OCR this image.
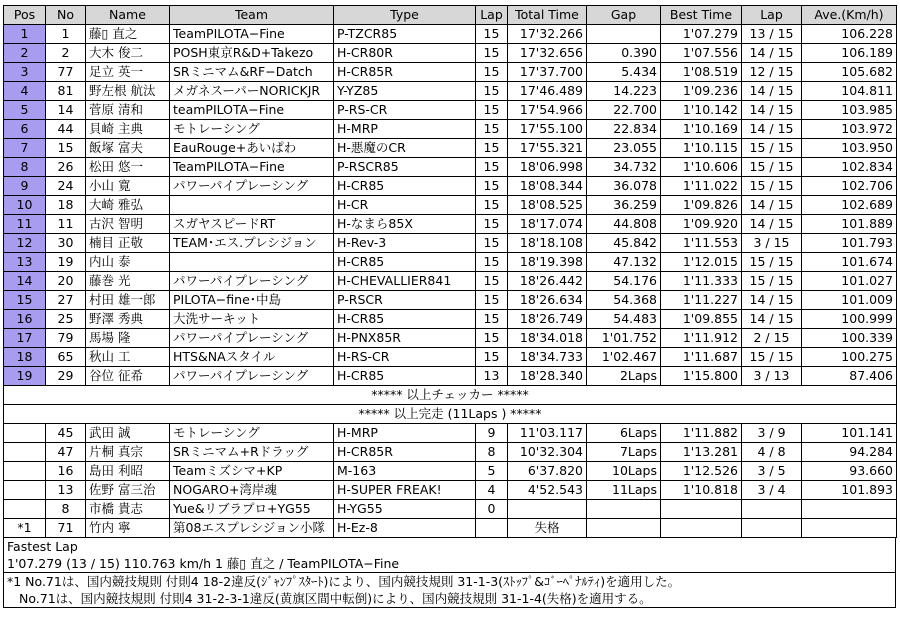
Pos	No	Name	Team	Type	Lap	Total Time	Gap	Best Time	Lap	Ave.(Km/h)
1	1	藤▯ 直之	TeamPILOTA−Fine	P-TZCR85	15	17'32.266		1'07.279	13 / 15	106.228
2	2	大木 俊二	POSH東京R&D+Takezo	H-CR80R	15	17'32.656	0.390	1'07.556	14 / 15	106.189
3	77	足立 英一	SRミニマム&RF−Datch	H-CR85R	15	17'37.700	5.434	1'08.519	12 / 15	105.682
4	81	野左根 航汰	メガネスーパーNORICKJR	Y-YZ85	15	17'46.489	14.223	1'09.236	14 / 15	104.811
5	14	菅原 清和	teamPILOTA−Fine	P-RS-CR	15	17'54.966	22.700	1'10.142	14 / 15	103.985
6	44	貝崎 主典	モトレーシング	H-MRP	15	17'55.100	22.834	1'10.169	14 / 15	103.972
7	15	飯塚 富夫	EauRouge+あいぱわ	H-悪魔のCR	15	17'55.321	23.055	1'10.115	15 / 15	103.950
8	26	松田 悠一	TeamPILOTA−Fine	P-RSCR85	15	18'06.998	34.732	1'10.606	15 / 15	102.834
9	24	小山 寛	パワーパイプレーシング	H-CR85	15	18'08.344	36.078	1'11.022	15 / 15	102.706
10	18	大崎 雅弘		H-CR	15	18'08.525	36.259	1'09.826	14 / 15	102.689
11	11	古沢 智明	スガヤスピードRT	H-なまら85X	15	18'17.074	44.808	1'09.920	14 / 15	101.889
12	30	楠目 正敬	TEAM･エス.プレシジョン	H-Rev-3	15	18'18.108	45.842	1'11.553	3 / 15	101.793
13	19	内山 泰		H-CR85	15	18'19.398	47.132	1'12.015	15 / 15	101.674
14	20	藤巻 光	パワーパイプレーシング	H-CHEVALLIER841	15	18'26.442	54.176	1'11.333	15 / 15	101.027
15	27	村田 雄一郎	PILOTA−fine･中島	P-RSCR	15	18'26.634	54.368	1'11.227	14 / 15	101.009
16	25	野澤 秀典	大洗サーキット	H-CR85	15	18'26.749	54.483	1'09.855	14 / 15	100.999
17	79	馬場 隆	パワーパイプレーシング	H-PNX85R	15	18'34.018	1'01.752	1'11.912	2 / 15	100.339
18	65	秋山 工	HTS&NAスタイル	H-RS-CR	15	18'34.733	1'02.467	1'11.687	15 / 15	100.275
19	29	谷位 征希	パワーパイプレーシング	H-CR85	13	18'28.340	2Laps	1'15.800	3 / 13	87.406
***** 以上チェッカー *****										
***** 以上完走 (11Laps ) *****										
	45	武田 誠	モトレーシング	H-MRP	9	11'03.117	6Laps	1'11.882	3 / 9	101.141
	47	片桐 真宗	SRミニマム+Rドラッグ	H-CR85R	8	10'32.304	7Laps	1'13.281	4 / 8	94.284
	16	島田 利昭	Teamミズシマ+KP	M-163	5	6'37.820	10Laps	1'12.526	3 / 5	93.660
	13	佐野 富三治	NOGARO+湾岸魂	H-SUPER FREAK!	4	4'52.543	11Laps	1'10.818	3 / 4	101.893
	8	市橋 貴志	Yue&リブラプロ+YG55	H-YG55	0					
*1	71	竹内 寧	第08エスプレシジョン小隊	H-Ez-8		失格				
Fastest Lap
1'07.279 (13 / 15) 110.763 km/h 1 藤▯ 直之 / TeamPILOTA−Fine
*1 No.71は、国内競技規則 付則4 18-2違反(ｼﾞｬﾝﾌﾟｽﾀｰﾄ)により、国内競技規則 31-1-3(ｽﾄｯﾌﾟ&ｺﾞｰﾍﾟﾅﾙﾃｨ)を適用した。
No.71は、国内競技規則 付則4 31-2-3-1違反(黄旗区間中転倒)により、国内競技規則 31-1-4(失格)を適用する。
